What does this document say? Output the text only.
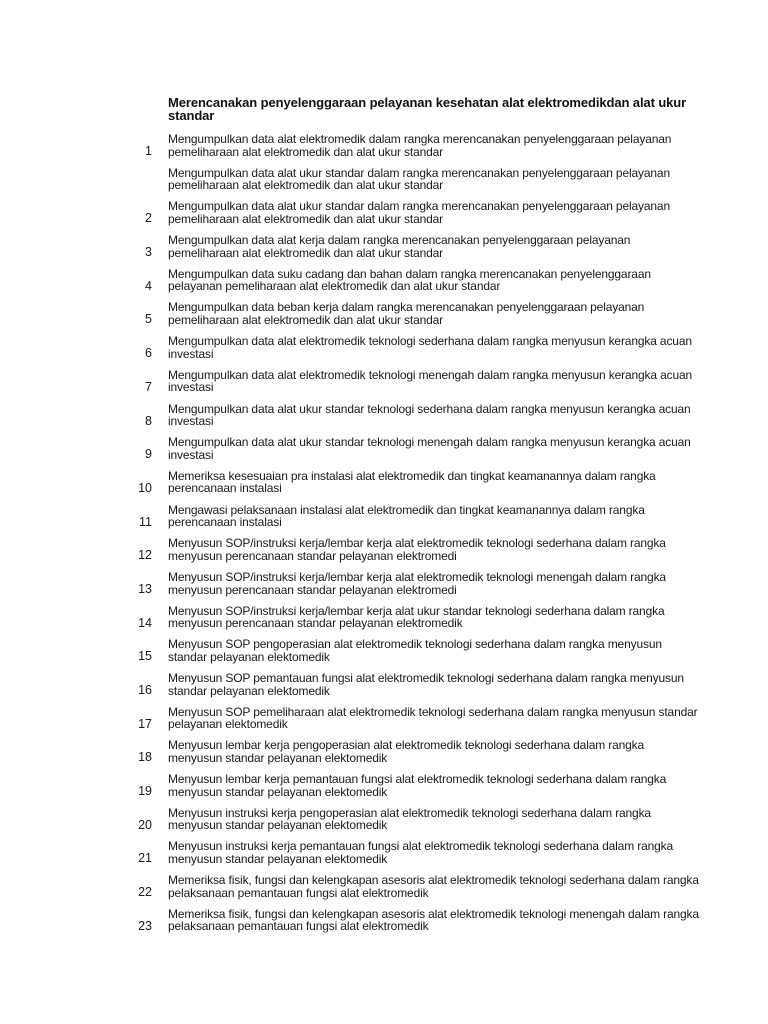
Merencanakan penyelenggaraan pelayanan kesehatan alat elektromedikdan alat ukur standar
1
Mengumpulkan data alat elektromedik dalam rangka merencanakan penyelenggaraan pelayanan pemeliharaan alat elektromedik dan alat ukur standar
Mengumpulkan data alat ukur standar dalam rangka merencanakan penyelenggaraan pelayanan pemeliharaan alat elektromedik dan alat ukur standar
2
Mengumpulkan data alat ukur standar dalam rangka merencanakan penyelenggaraan pelayanan pemeliharaan alat elektromedik dan alat ukur standar
3
Mengumpulkan data alat kerja dalam rangka merencanakan penyelenggaraan pelayanan pemeliharaan alat elektromedik dan alat ukur standar
4
Mengumpulkan data suku cadang dan bahan dalam rangka merencanakan penyelenggaraan pelayanan pemeliharaan alat elektromedik dan alat ukur standar
5
Mengumpulkan data beban kerja dalam rangka merencanakan penyelenggaraan pelayanan pemeliharaan alat elektromedik dan alat ukur standar
6
Mengumpulkan data alat elektromedik teknologi sederhana dalam rangka menyusun kerangka acuan investasi
7
Mengumpulkan data alat elektromedik teknologi menengah dalam rangka menyusun kerangka acuan investasi
8
Mengumpulkan data alat ukur standar teknologi sederhana dalam rangka menyusun kerangka acuan investasi
9
Mengumpulkan data alat ukur standar teknologi menengah dalam rangka menyusun kerangka acuan investasi
10
Memeriksa kesesuaian pra instalasi alat elektromedik dan tingkat keamanannya dalam rangka perencanaan instalasi
11
Mengawasi pelaksanaan instalasi alat elektromedik dan tingkat keamanannya dalam rangka perencanaan instalasi
12
Menyusun SOP/instruksi kerja/lembar kerja alat elektromedik teknologi sederhana dalam rangka menyusun perencanaan standar pelayanan elektromedi
13
Menyusun SOP/instruksi kerja/lembar kerja alat elektromedik teknologi menengah dalam rangka menyusun perencanaan standar pelayanan elektromedi
14
Menyusun SOP/instruksi kerja/lembar kerja alat ukur standar teknologi sederhana dalam rangka menyusun perencanaan standar pelayanan elektromedik
15
Menyusun SOP pengoperasian alat elektromedik teknologi sederhana dalam rangka menyusun standar pelayanan elektomedik
16
Menyusun SOP pemantauan fungsi alat elektromedik teknologi sederhana dalam rangka menyusun standar pelayanan elektomedik
17
Menyusun SOP pemeliharaan alat elektromedik teknologi sederhana dalam rangka menyusun standar pelayanan elektomedik
18
Menyusun lembar kerja pengoperasian alat elektromedik teknologi sederhana dalam rangka menyusun standar pelayanan elektomedik
19
Menyusun lembar kerja pemantauan fungsi alat elektromedik teknologi sederhana dalam rangka menyusun standar pelayanan elektomedik
20
Menyusun instruksi kerja pengoperasian alat elektromedik teknologi sederhana dalam rangka menyusun standar pelayanan elektomedik
21
Menyusun instruksi kerja pemantauan fungsi alat elektromedik teknologi sederhana dalam rangka menyusun standar pelayanan elektomedik
22
Memeriksa fisik, fungsi dan kelengkapan asesoris alat elektromedik teknologi sederhana dalam rangka pelaksanaan pemantauan fungsi alat elektromedik
23
Memeriksa fisik, fungsi dan kelengkapan asesoris alat elektromedik teknologi menengah dalam rangka pelaksanaan pemantauan fungsi alat elektromedik
